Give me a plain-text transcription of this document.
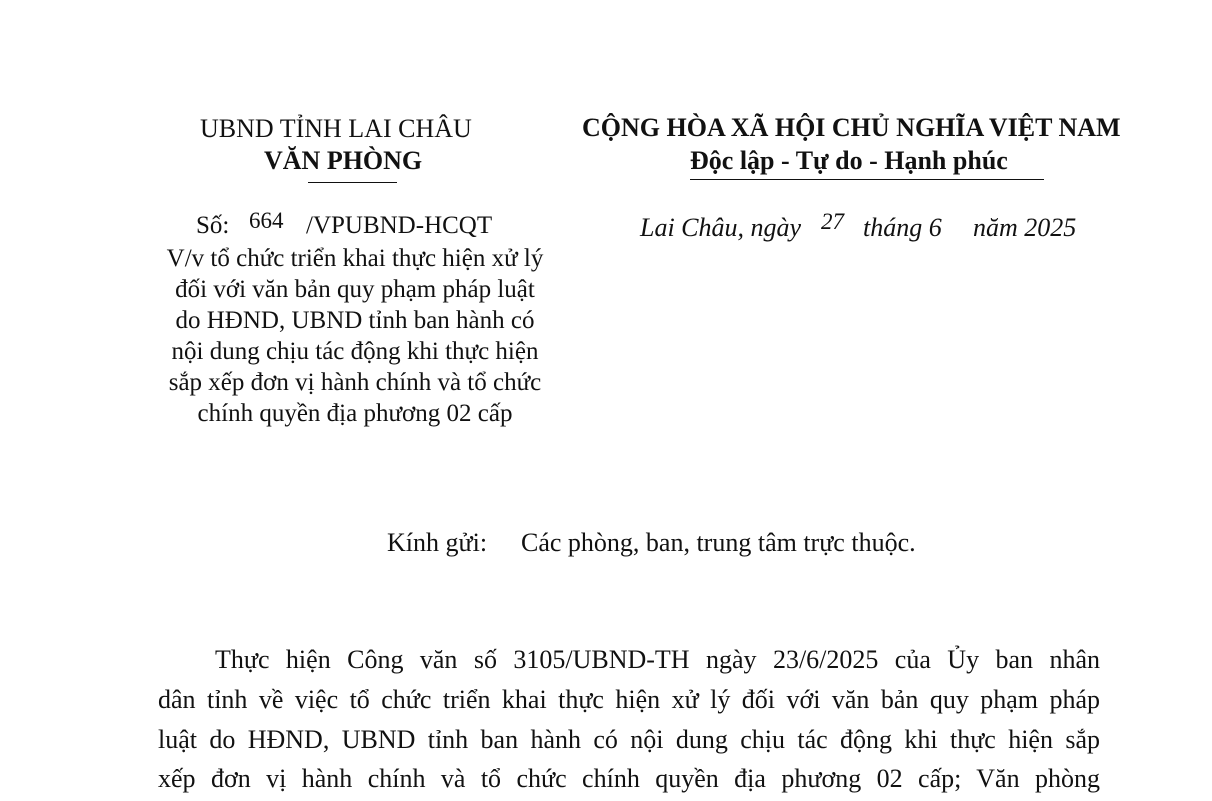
UBND TỈNH LAI CHÂU
VĂN PHÒNG
Số: 664 /VPUBND-HCQT
V/v tổ chức triển khai thực hiện xử lý
đối với văn bản quy phạm pháp luật
do HĐND, UBND tỉnh ban hành có
nội dung chịu tác động khi thực hiện
sắp xếp đơn vị hành chính và tổ chức
chính quyền địa phương 02 cấp
CỘNG HÒA XÃ HỘI CHỦ NGHĨA VIỆT NAM
Độc lập - Tự do - Hạnh phúc
Lai Châu, ngày 27 tháng 6 năm 2025
Kính gửi: Các phòng, ban, trung tâm trực thuộc.
Thực hiện Công văn số 3105/UBND-TH ngày 23/6/2025 của Ủy ban nhân
dân tỉnh về việc tổ chức triển khai thực hiện xử lý đối với văn bản quy phạm pháp
luật do HĐND, UBND tỉnh ban hành có nội dung chịu tác động khi thực hiện sắp
xếp đơn vị hành chính và tổ chức chính quyền địa phương 02 cấp; Văn phòng
